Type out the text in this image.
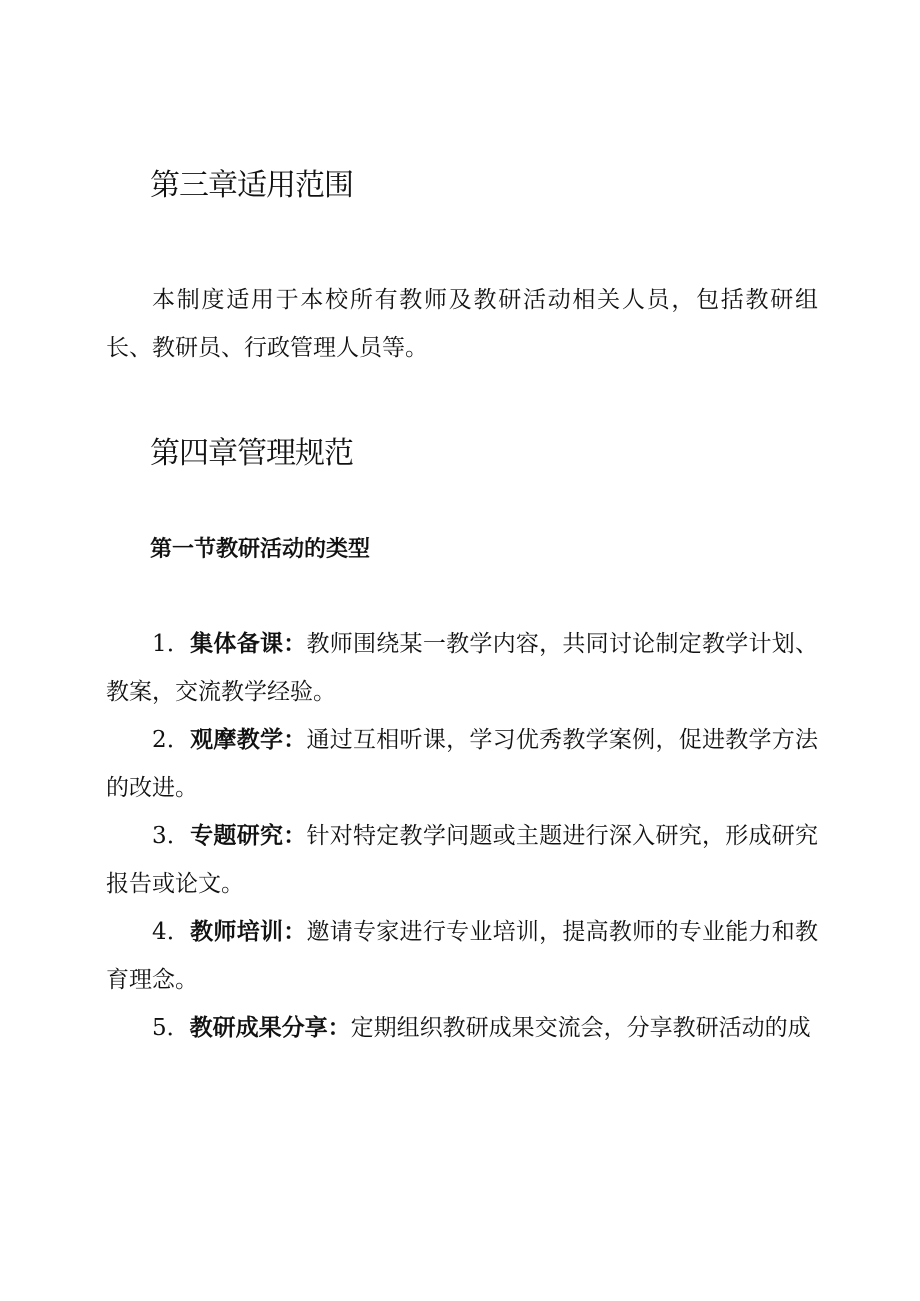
第三章适用范围

本制度适用于本校所有教师及教研活动相关人员，包括教研组长、教研员、行政管理人员等。

第四章管理规范
第一节教研活动的类型

1．集体备课：教师围绕某一教学内容，共同讨论制定教学计划、教案，交流教学经验。

2．观摩教学：通过互相听课，学习优秀教学案例，促进教学方法的改进。

3．专题研究：针对特定教学问题或主题进行深入研究，形成研究报告或论文。

4．教师培训：邀请专家进行专业培训，提高教师的专业能力和教育理念。

5．教研成果分享：定期组织教研成果交流会，分享教研活动的成
